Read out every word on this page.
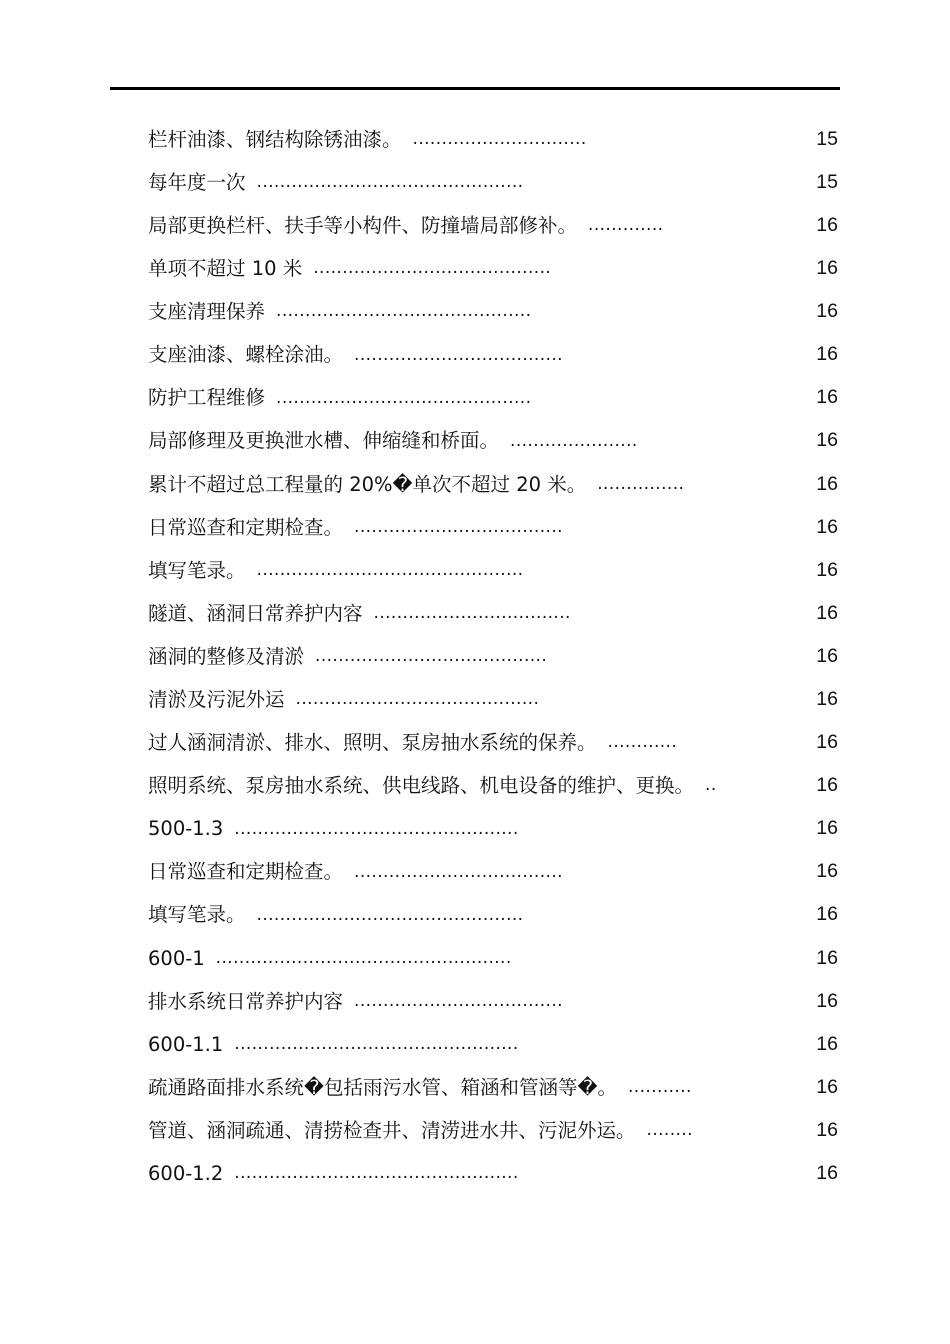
栏杆油漆、钢结构除锈油漆。 ..............................	15
每年度一次 ..............................................	15
局部更换栏杆、扶手等小构件、防撞墙局部修补。 .............	16
单项不超过 10 米 .........................................	16
支座清理保养 ............................................	16
支座油漆、螺栓涂油。 ....................................	16
防护工程维修 ............................................	16
局部修理及更换泄水槽、伸缩缝和桥面。 ......................	16
累计不超过总工程量的 20%�单次不超过 20 米。 ...............	16
日常巡查和定期检查。 ....................................	16
填写笔录。 ..............................................	16
隧道、涵洞日常养护内容 ..................................	16
涵洞的整修及清淤 ........................................	16
清淤及污泥外运 ..........................................	16
过人涵洞清淤、排水、照明、泵房抽水系统的保养。 ............	16
照明系统、泵房抽水系统、供电线路、机电设备的维护、更换。 ..	16
500-1.3 .................................................	16
日常巡查和定期检查。 ....................................	16
填写笔录。 ..............................................	16
600-1 ...................................................	16
排水系统日常养护内容 ....................................	16
600-1.1 .................................................	16
疏通路面排水系统�包括雨污水管、箱涵和管涵等�。 ...........	16
管道、涵洞疏通、清捞检查井、清涝进水井、污泥外运。 ........	16
600-1.2 .................................................	16
